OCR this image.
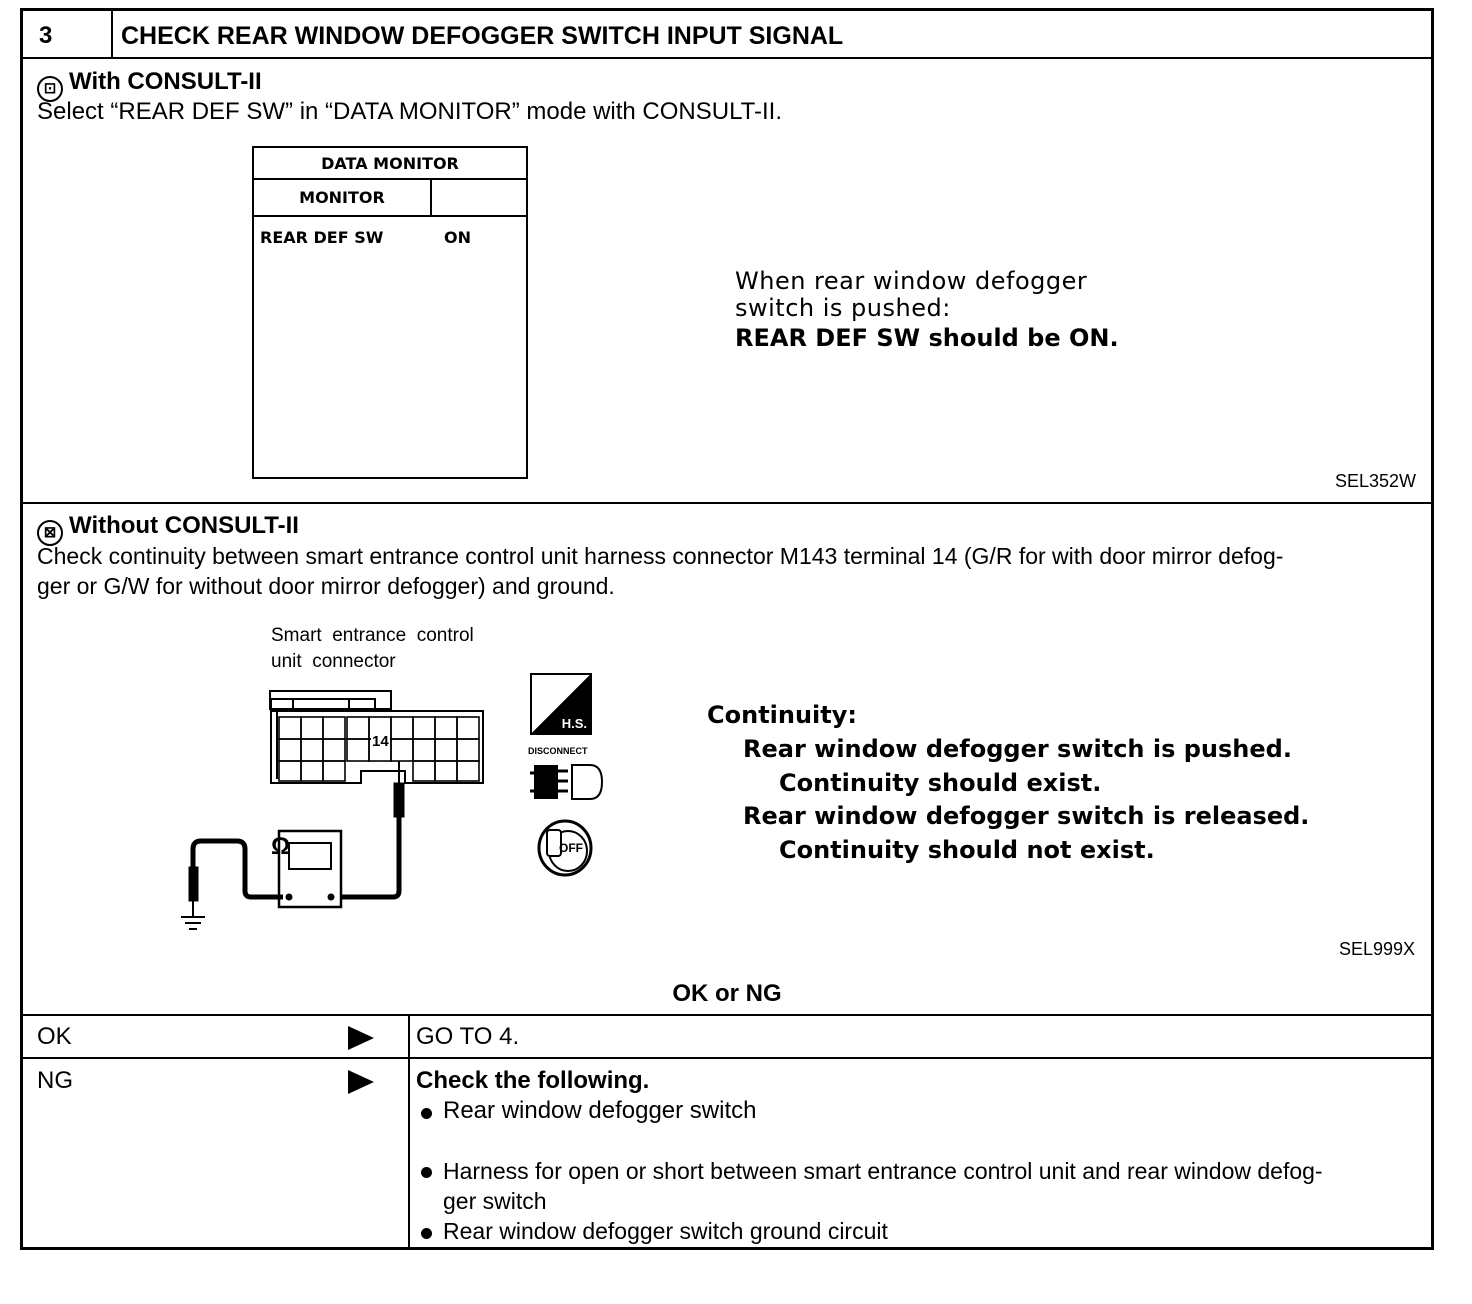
3	CHECK REAR WINDOW DEFOGGER SWITCH INPUT SIGNAL
⊡ With CONSULT-II
Select “REAR DEF SW” in “DATA MONITOR” mode with CONSULT-II.
DATA MONITOR
MONITOR
REAR DEF SW	ON
When rear window defogger
switch is pushed:
REAR DEF SW should be ON.
SEL352W
⊠ Without CONSULT-II
Check continuity between smart entrance control unit harness connector M143 terminal 14 (G/R for with door mirror defog-
ger or G/W for without door mirror defogger) and ground.
Smart  entrance  control
unit  connector
14
Ω
H.S.
DISCONNECT
OFF
Continuity:
Rear window defogger switch is pushed.
Continuity should exist.
Rear window defogger switch is released.
Continuity should not exist.
SEL999X
OK or NG
OK	GO TO 4.
NG	Check the following.
Rear window defogger switch
Harness for open or short between smart entrance control unit and rear window defog-
ger switch
Rear window defogger switch ground circuit
